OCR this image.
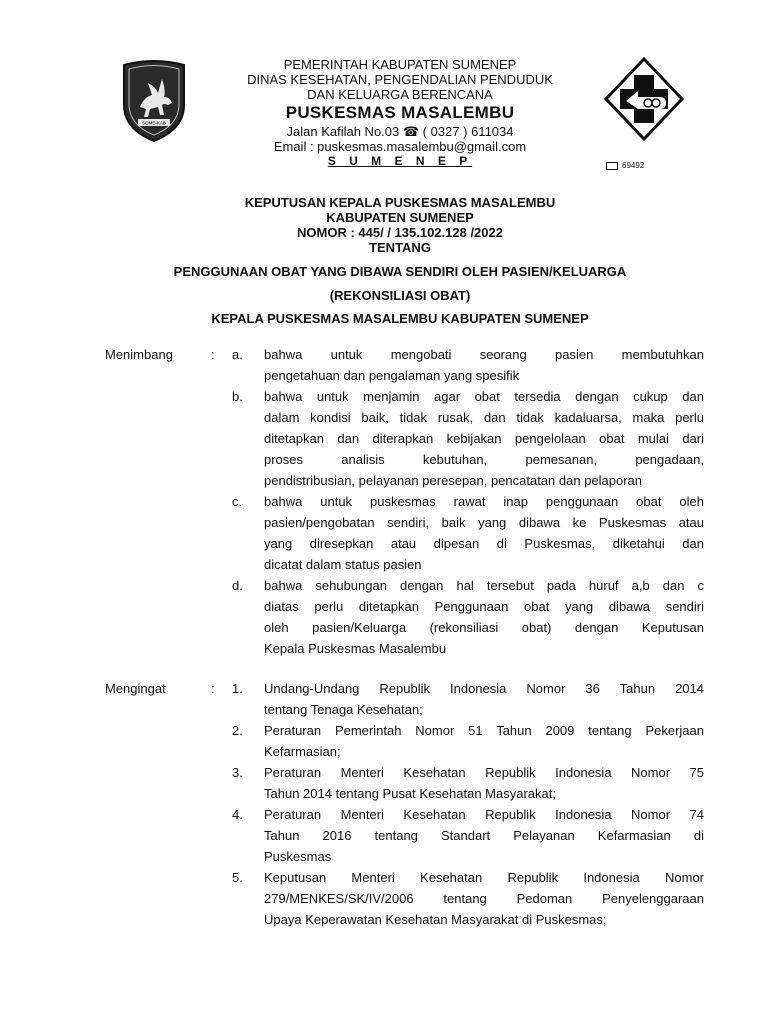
SOME-KAB
PEMERINTAH KABUPATEN SUMENEP
DINAS KESEHATAN, PENGENDALIAN PENDUDUK
DAN KELUARGA BERENCANA
PUSKESMAS MASALEMBU
Jalan Kafilah No.03 ☎ ( 0327 ) 611034
Email : puskesmas.masalembu@gmail.com
S U M E N E P	69492
KEPUTUSAN KEPALA PUSKESMAS MASALEMBU
KABUPATEN SUMENEP
NOMOR : 445/ / 135.102.128 /2022
TENTANG
PENGGUNAAN OBAT YANG DIBAWA SENDIRI OLEH PASIEN/KELUARGA
(REKONSILIASI OBAT)
KEPALA PUSKESMAS MASALEMBU KABUPATEN SUMENEP
Menimbang	: a. bahwa untuk mengobati seorang pasien membutuhkan
pengetahuan dan pengalaman yang spesifik
b. bahwa untuk menjamin agar obat tersedia dengan cukup dan
dalam kondisi baik, tidak rusak, dan tidak kadaluarsa, maka perlu
ditetapkan dan diterapkan kebijakan pengelolaan obat mulai dari
proses analisis kebutuhan, pemesanan, pengadaan,
pendistribusian, pelayanan peresepan, pencatatan dan pelaporan
c. bahwa untuk puskesmas rawat inap penggunaan obat oleh
pasien/pengobatan sendiri, baik yang dibawa ke Puskesmas atau
yang diresepkan atau dipesan di Puskesmas, diketahui dan
dicatat dalam status pasien
d. bahwa sehubungan dengan hal tersebut pada huruf a,b dan c
diatas perlu ditetapkan Penggunaan obat yang dibawa sendiri
oleh pasien/Keluarga (rekonsiliasi obat) dengan Keputusan
Kepala Puskesmas Masalembu
Mengingat	: 1. Undang-Undang Republik Indonesia Nomor 36 Tahun 2014
tentang Tenaga Kesehatan;
2. Peraturan Pemerintah Nomor 51 Tahun 2009 tentang Pekerjaan
Kefarmasian;
3. Peraturan Menteri Kesehatan Republik Indonesia Nomor 75
Tahun 2014 tentang Pusat Kesehatan Masyarakat;
4. Peraturan Menteri Kesehatan Republik Indonesia Nomor 74
Tahun 2016 tentang Standart Pelayanan Kefarmasian di
Puskesmas
5. Keputusan Menteri Kesehatan Republik Indonesia Nomor
279/MENKES/SK/IV/2006 tentang Pedoman Penyelenggaraan
Upaya Keperawatan Kesehatan Masyarakat di Puskesmas;
